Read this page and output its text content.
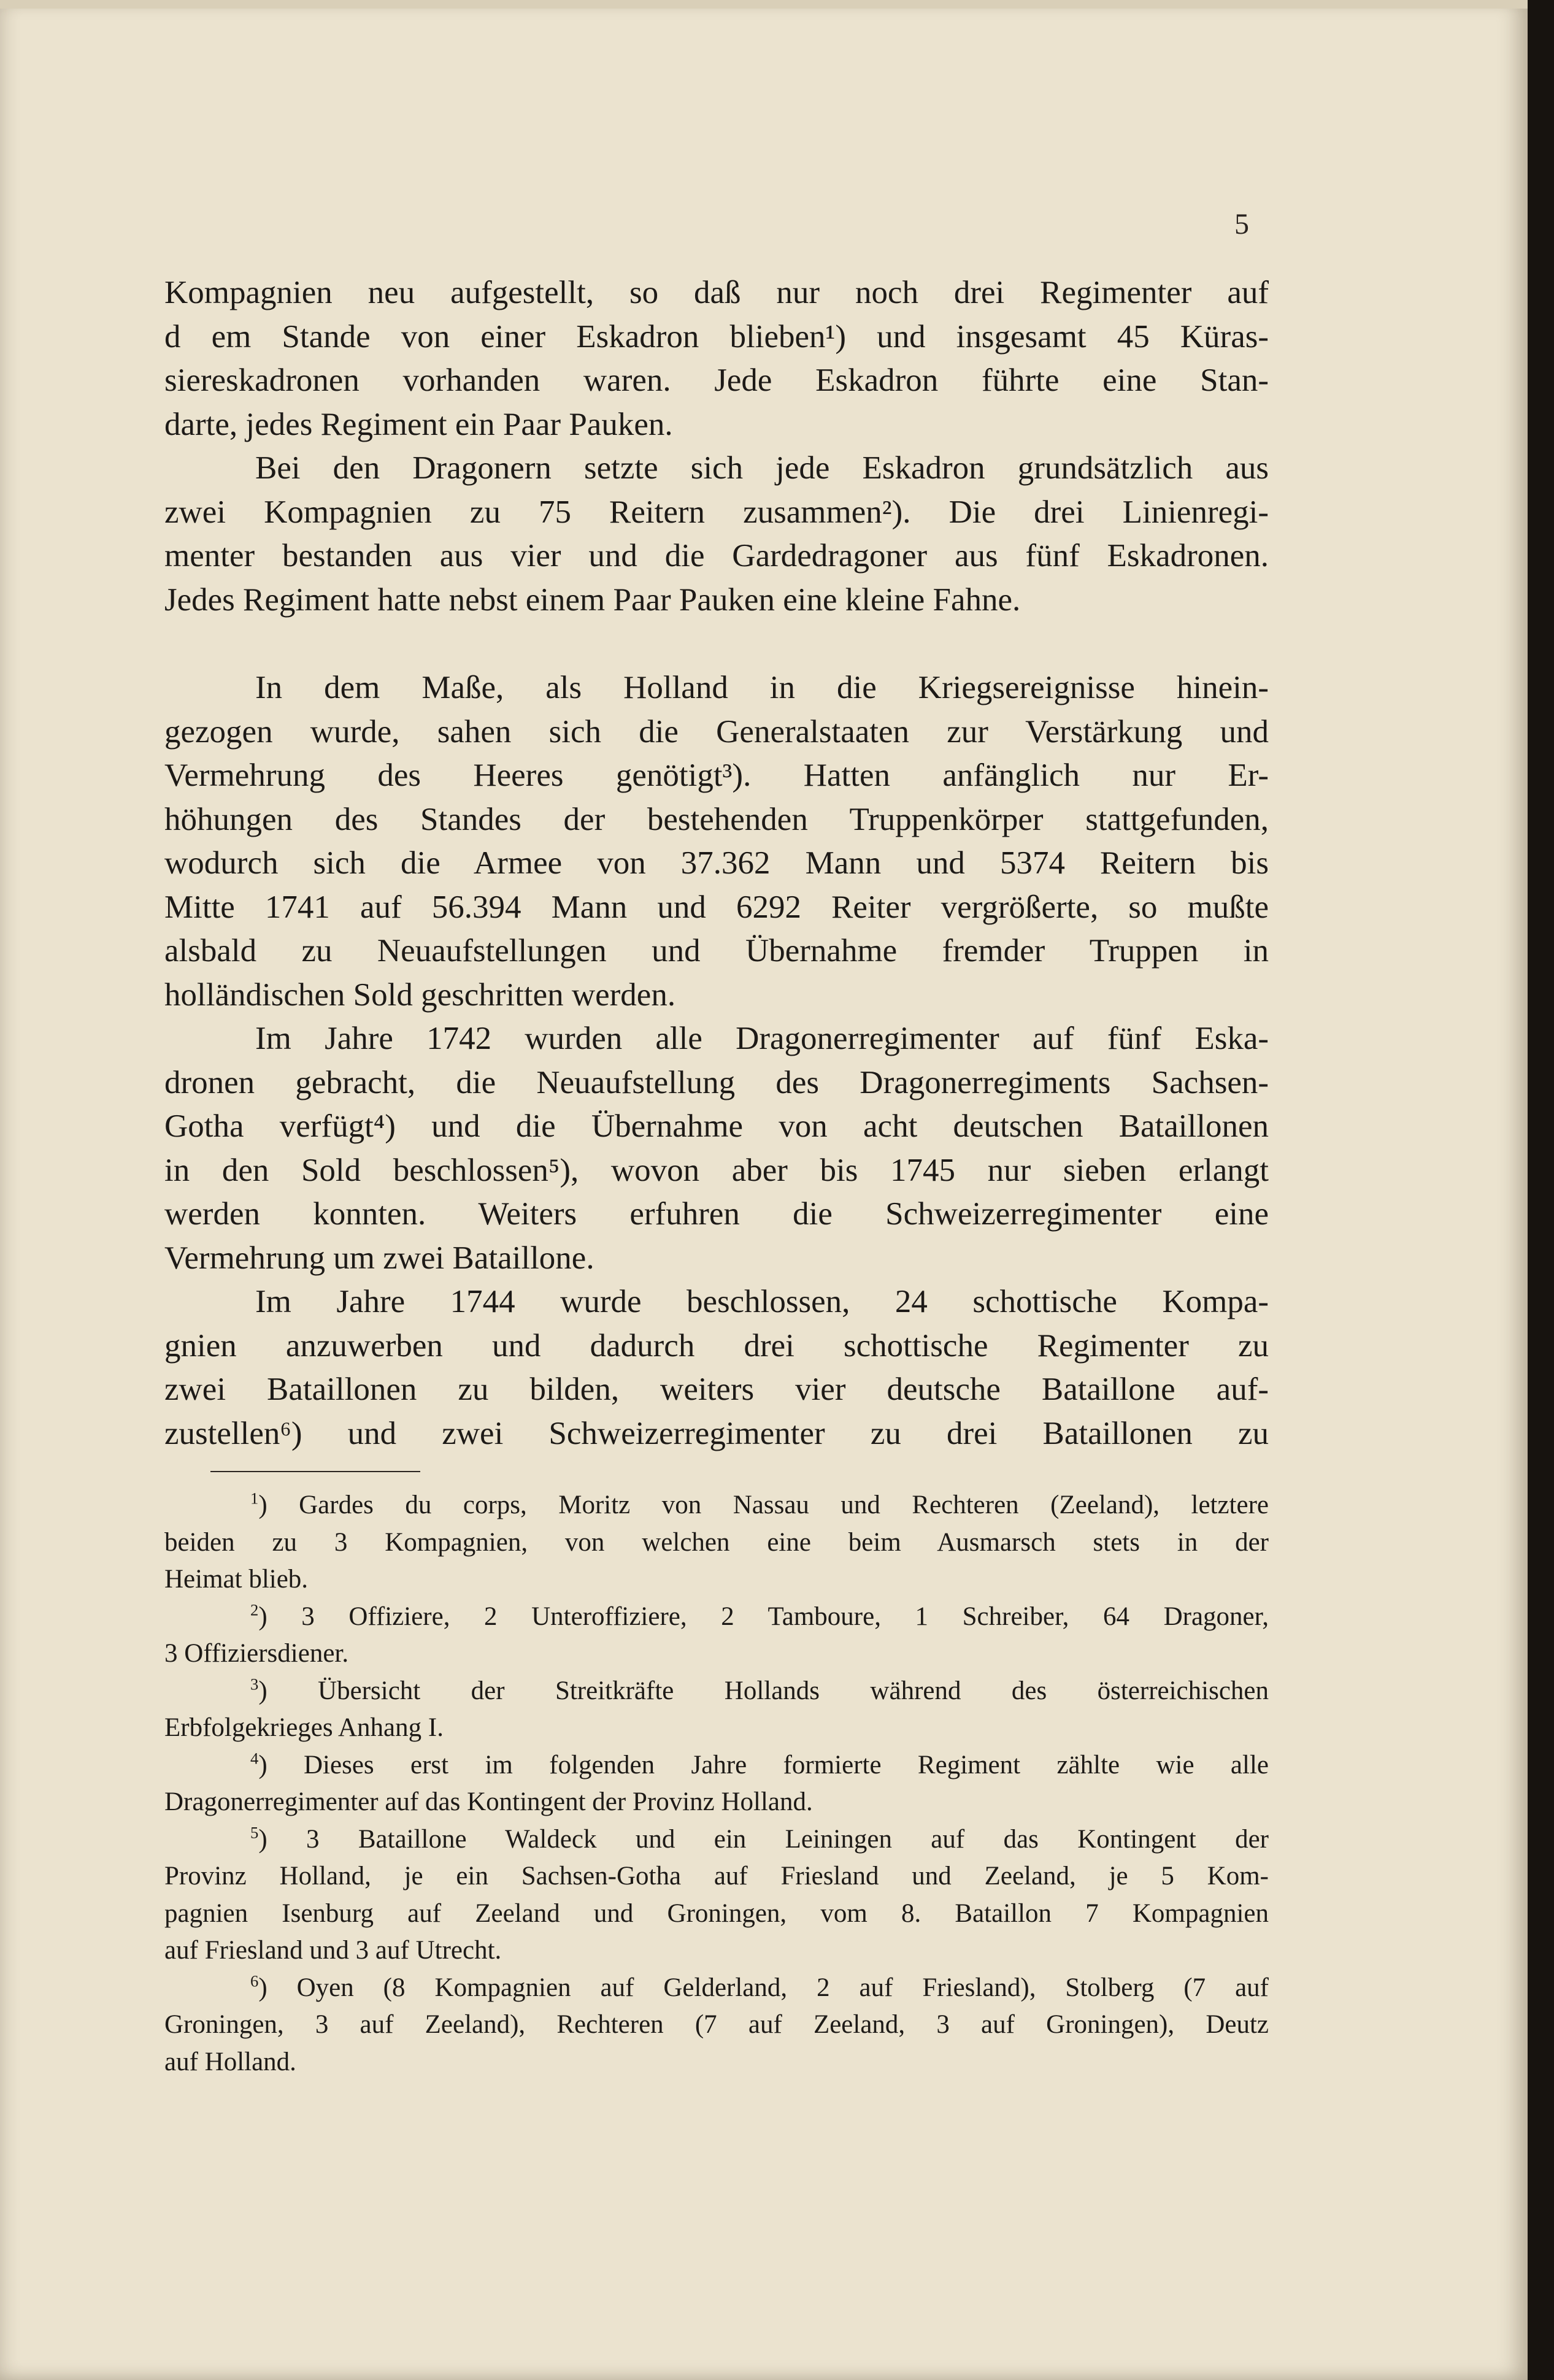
5

Kompagnien neu aufgestellt, so daß nur noch drei Regimenter auf
d em Stande von einer Eskadron blieben¹) und insgesamt 45 Küras-
siereskadronen vorhanden waren. Jede Eskadron führte eine Stan-
darte, jedes Regiment ein Paar Pauken.

Bei den Dragonern setzte sich jede Eskadron grundsätzlich aus
zwei Kompagnien zu 75 Reitern zusammen²). Die drei Linienregi-
menter bestanden aus vier und die Gardedragoner aus fünf Eskadronen.
Jedes Regiment hatte nebst einem Paar Pauken eine kleine Fahne.

In dem Maße, als Holland in die Kriegsereignisse hinein-
gezogen wurde, sahen sich die Generalstaaten zur Verstärkung und
Vermehrung des Heeres genötigt³). Hatten anfänglich nur Er-
höhungen des Standes der bestehenden Truppenkörper stattgefunden,
wodurch sich die Armee von 37.362 Mann und 5374 Reitern bis
Mitte 1741 auf 56.394 Mann und 6292 Reiter vergrößerte, so mußte
alsbald zu Neuaufstellungen und Übernahme fremder Truppen in
holländischen Sold geschritten werden.

Im Jahre 1742 wurden alle Dragonerregimenter auf fünf Eska-
dronen gebracht, die Neuaufstellung des Dragonerregiments Sachsen-
Gotha verfügt⁴) und die Übernahme von acht deutschen Bataillonen
in den Sold beschlossen⁵), wovon aber bis 1745 nur sieben erlangt
werden konnten. Weiters erfuhren die Schweizerregimenter eine
Vermehrung um zwei Bataillone.

Im Jahre 1744 wurde beschlossen, 24 schottische Kompa-
gnien anzuwerben und dadurch drei schottische Regimenter zu
zwei Bataillonen zu bilden, weiters vier deutsche Bataillone auf-
zustellen⁶) und zwei Schweizerregimenter zu drei Bataillonen zu

$^1$) Gardes du corps, Moritz von Nassau und Rechteren (Zeeland), letztere
beiden zu 3 Kompagnien, von welchen eine beim Ausmarsch stets in der
Heimat blieb.

$^2$) 3 Offiziere, 2 Unteroffiziere, 2 Tamboure, 1 Schreiber, 64 Dragoner,
3 Offiziersdiener.

$^3$) Übersicht der Streitkräfte Hollands während des österreichischen
Erbfolgekrieges Anhang I.

$^4$) Dieses erst im folgenden Jahre formierte Regiment zählte wie alle
Dragonerregimenter auf das Kontingent der Provinz Holland.

$^5$) 3 Bataillone Waldeck und ein Leiningen auf das Kontingent der
Provinz Holland, je ein Sachsen-Gotha auf Friesland und Zeeland, je 5 Kom-
pagnien Isenburg auf Zeeland und Groningen, vom 8. Bataillon 7 Kompagnien
auf Friesland und 3 auf Utrecht.

$^6$) Oyen (8 Kompagnien auf Gelderland, 2 auf Friesland), Stolberg (7 auf
Groningen, 3 auf Zeeland), Rechteren (7 auf Zeeland, 3 auf Groningen), Deutz
auf Holland.
